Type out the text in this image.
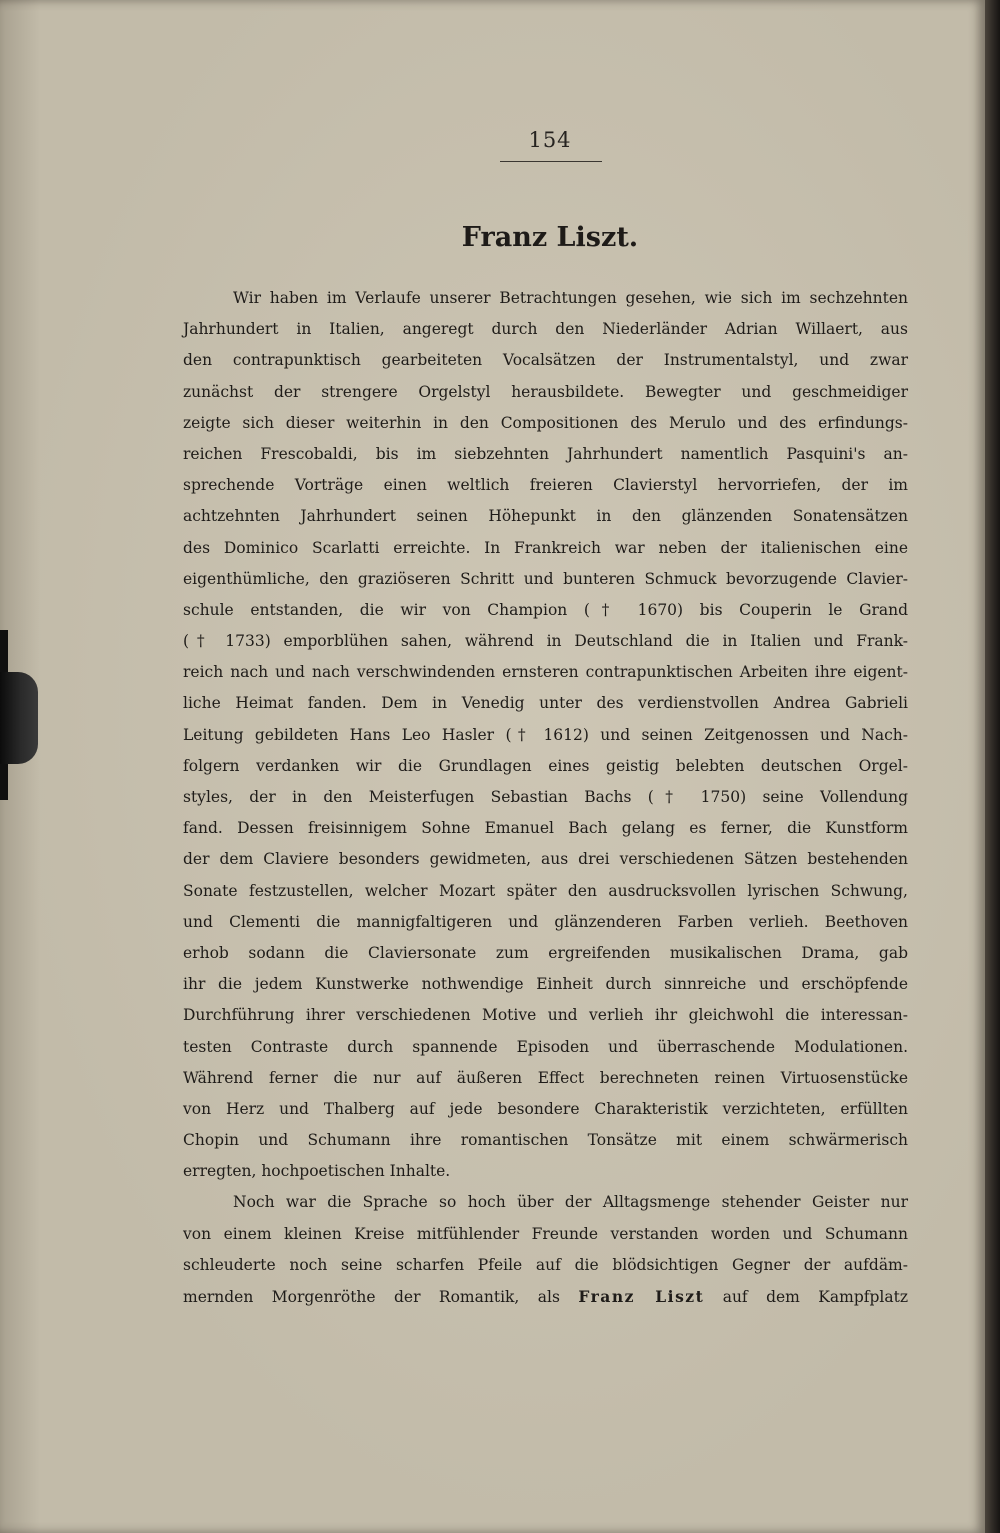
154
Franz Liszt.
Wir haben im Verlaufe unserer Betrachtungen gesehen, wie sich im sechzehnten
Jahrhundert in Italien, angeregt durch den Niederländer Adrian Willaert, aus
den contrapunktisch gearbeiteten Vocalsätzen der Instrumentalstyl, und zwar
zunächst der strengere Orgelstyl herausbildete. Bewegter und geschmeidiger
zeigte sich dieser weiterhin in den Compositionen des Merulo und des erfindungs-
reichen Frescobaldi, bis im siebzehnten Jahrhundert namentlich Pasquini's an-
sprechende Vorträge einen weltlich freieren Clavierstyl hervorriefen, der im
achtzehnten Jahrhundert seinen Höhepunkt in den glänzenden Sonatensätzen
des Dominico Scarlatti erreichte. In Frankreich war neben der italienischen eine
eigenthümliche, den graziöseren Schritt und bunteren Schmuck bevorzugende Clavier-
schule entstanden, die wir von Champion († 1670) bis Couperin le Grand
(† 1733) emporblühen sahen, während in Deutschland die in Italien und Frank-
reich nach und nach verschwindenden ernsteren contrapunktischen Arbeiten ihre eigent-
liche Heimat fanden. Dem in Venedig unter des verdienstvollen Andrea Gabrieli
Leitung gebildeten Hans Leo Hasler († 1612) und seinen Zeitgenossen und Nach-
folgern verdanken wir die Grundlagen eines geistig belebten deutschen Orgel-
styles, der in den Meisterfugen Sebastian Bachs († 1750) seine Vollendung
fand. Dessen freisinnigem Sohne Emanuel Bach gelang es ferner, die Kunstform
der dem Claviere besonders gewidmeten, aus drei verschiedenen Sätzen bestehenden
Sonate festzustellen, welcher Mozart später den ausdrucksvollen lyrischen Schwung,
und Clementi die mannigfaltigeren und glänzenderen Farben verlieh. Beethoven
erhob sodann die Claviersonate zum ergreifenden musikalischen Drama, gab
ihr die jedem Kunstwerke nothwendige Einheit durch sinnreiche und erschöpfende
Durchführung ihrer verschiedenen Motive und verlieh ihr gleichwohl die interessan-
testen Contraste durch spannende Episoden und überraschende Modulationen.
Während ferner die nur auf äußeren Effect berechneten reinen Virtuosenstücke
von Herz und Thalberg auf jede besondere Charakteristik verzichteten, erfüllten
Chopin und Schumann ihre romantischen Tonsätze mit einem schwärmerisch
erregten, hochpoetischen Inhalte.
Noch war die Sprache so hoch über der Alltagsmenge stehender Geister nur
von einem kleinen Kreise mitfühlender Freunde verstanden worden und Schumann
schleuderte noch seine scharfen Pfeile auf die blödsichtigen Gegner der aufdäm-
mernden Morgenröthe der Romantik, als Franz Liszt auf dem Kampfplatz
